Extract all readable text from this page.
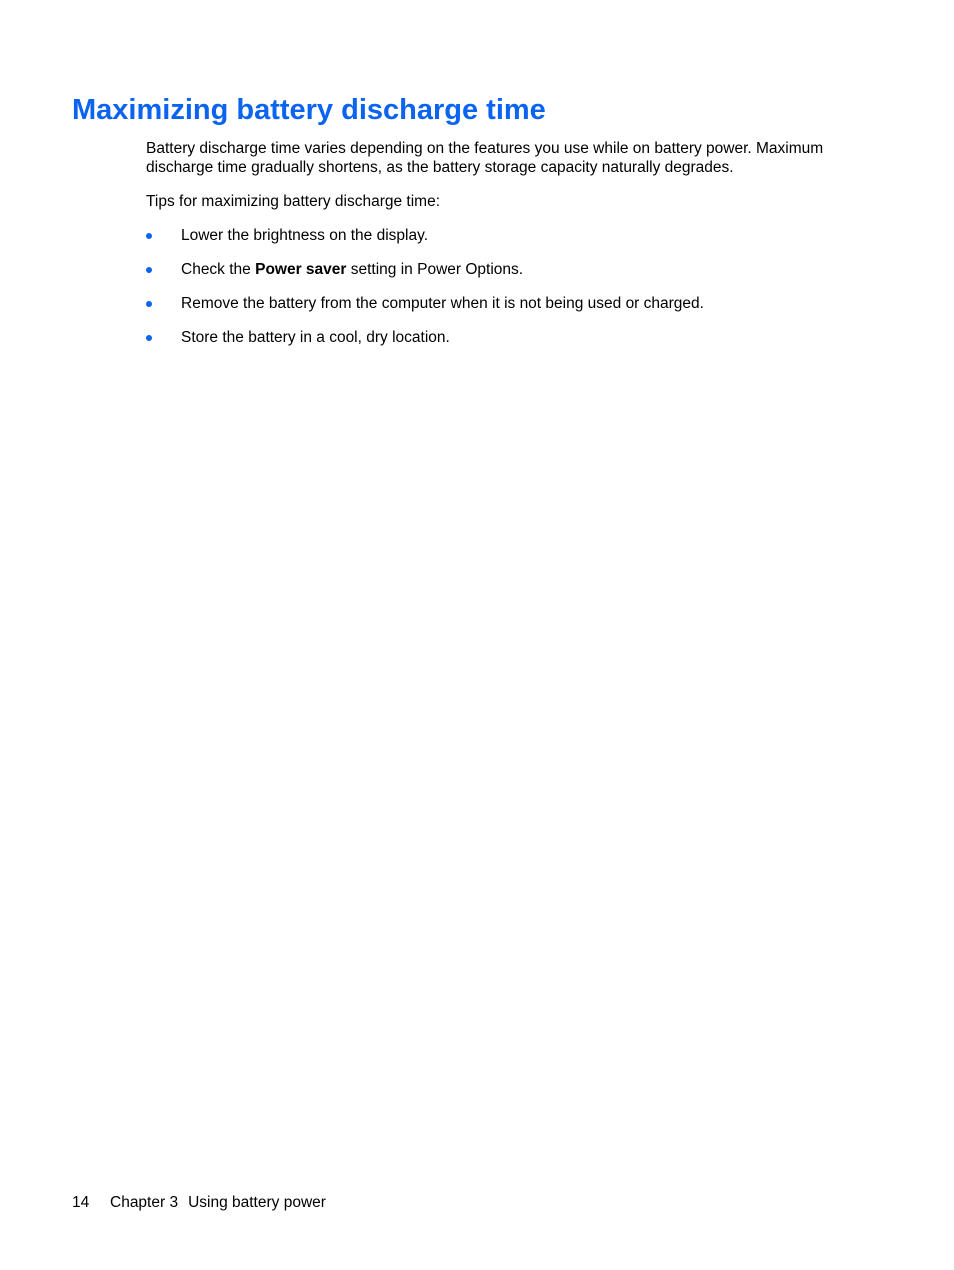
Maximizing battery discharge time

Battery discharge time varies depending on the features you use while on battery power. Maximum discharge time gradually shortens, as the battery storage capacity naturally degrades.

Tips for maximizing battery discharge time:

Lower the brightness on the display.
Check the Power saver setting in Power Options.
Remove the battery from the computer when it is not being used or charged.
Store the battery in a cool, dry location.
14 Chapter 3 Using battery power
